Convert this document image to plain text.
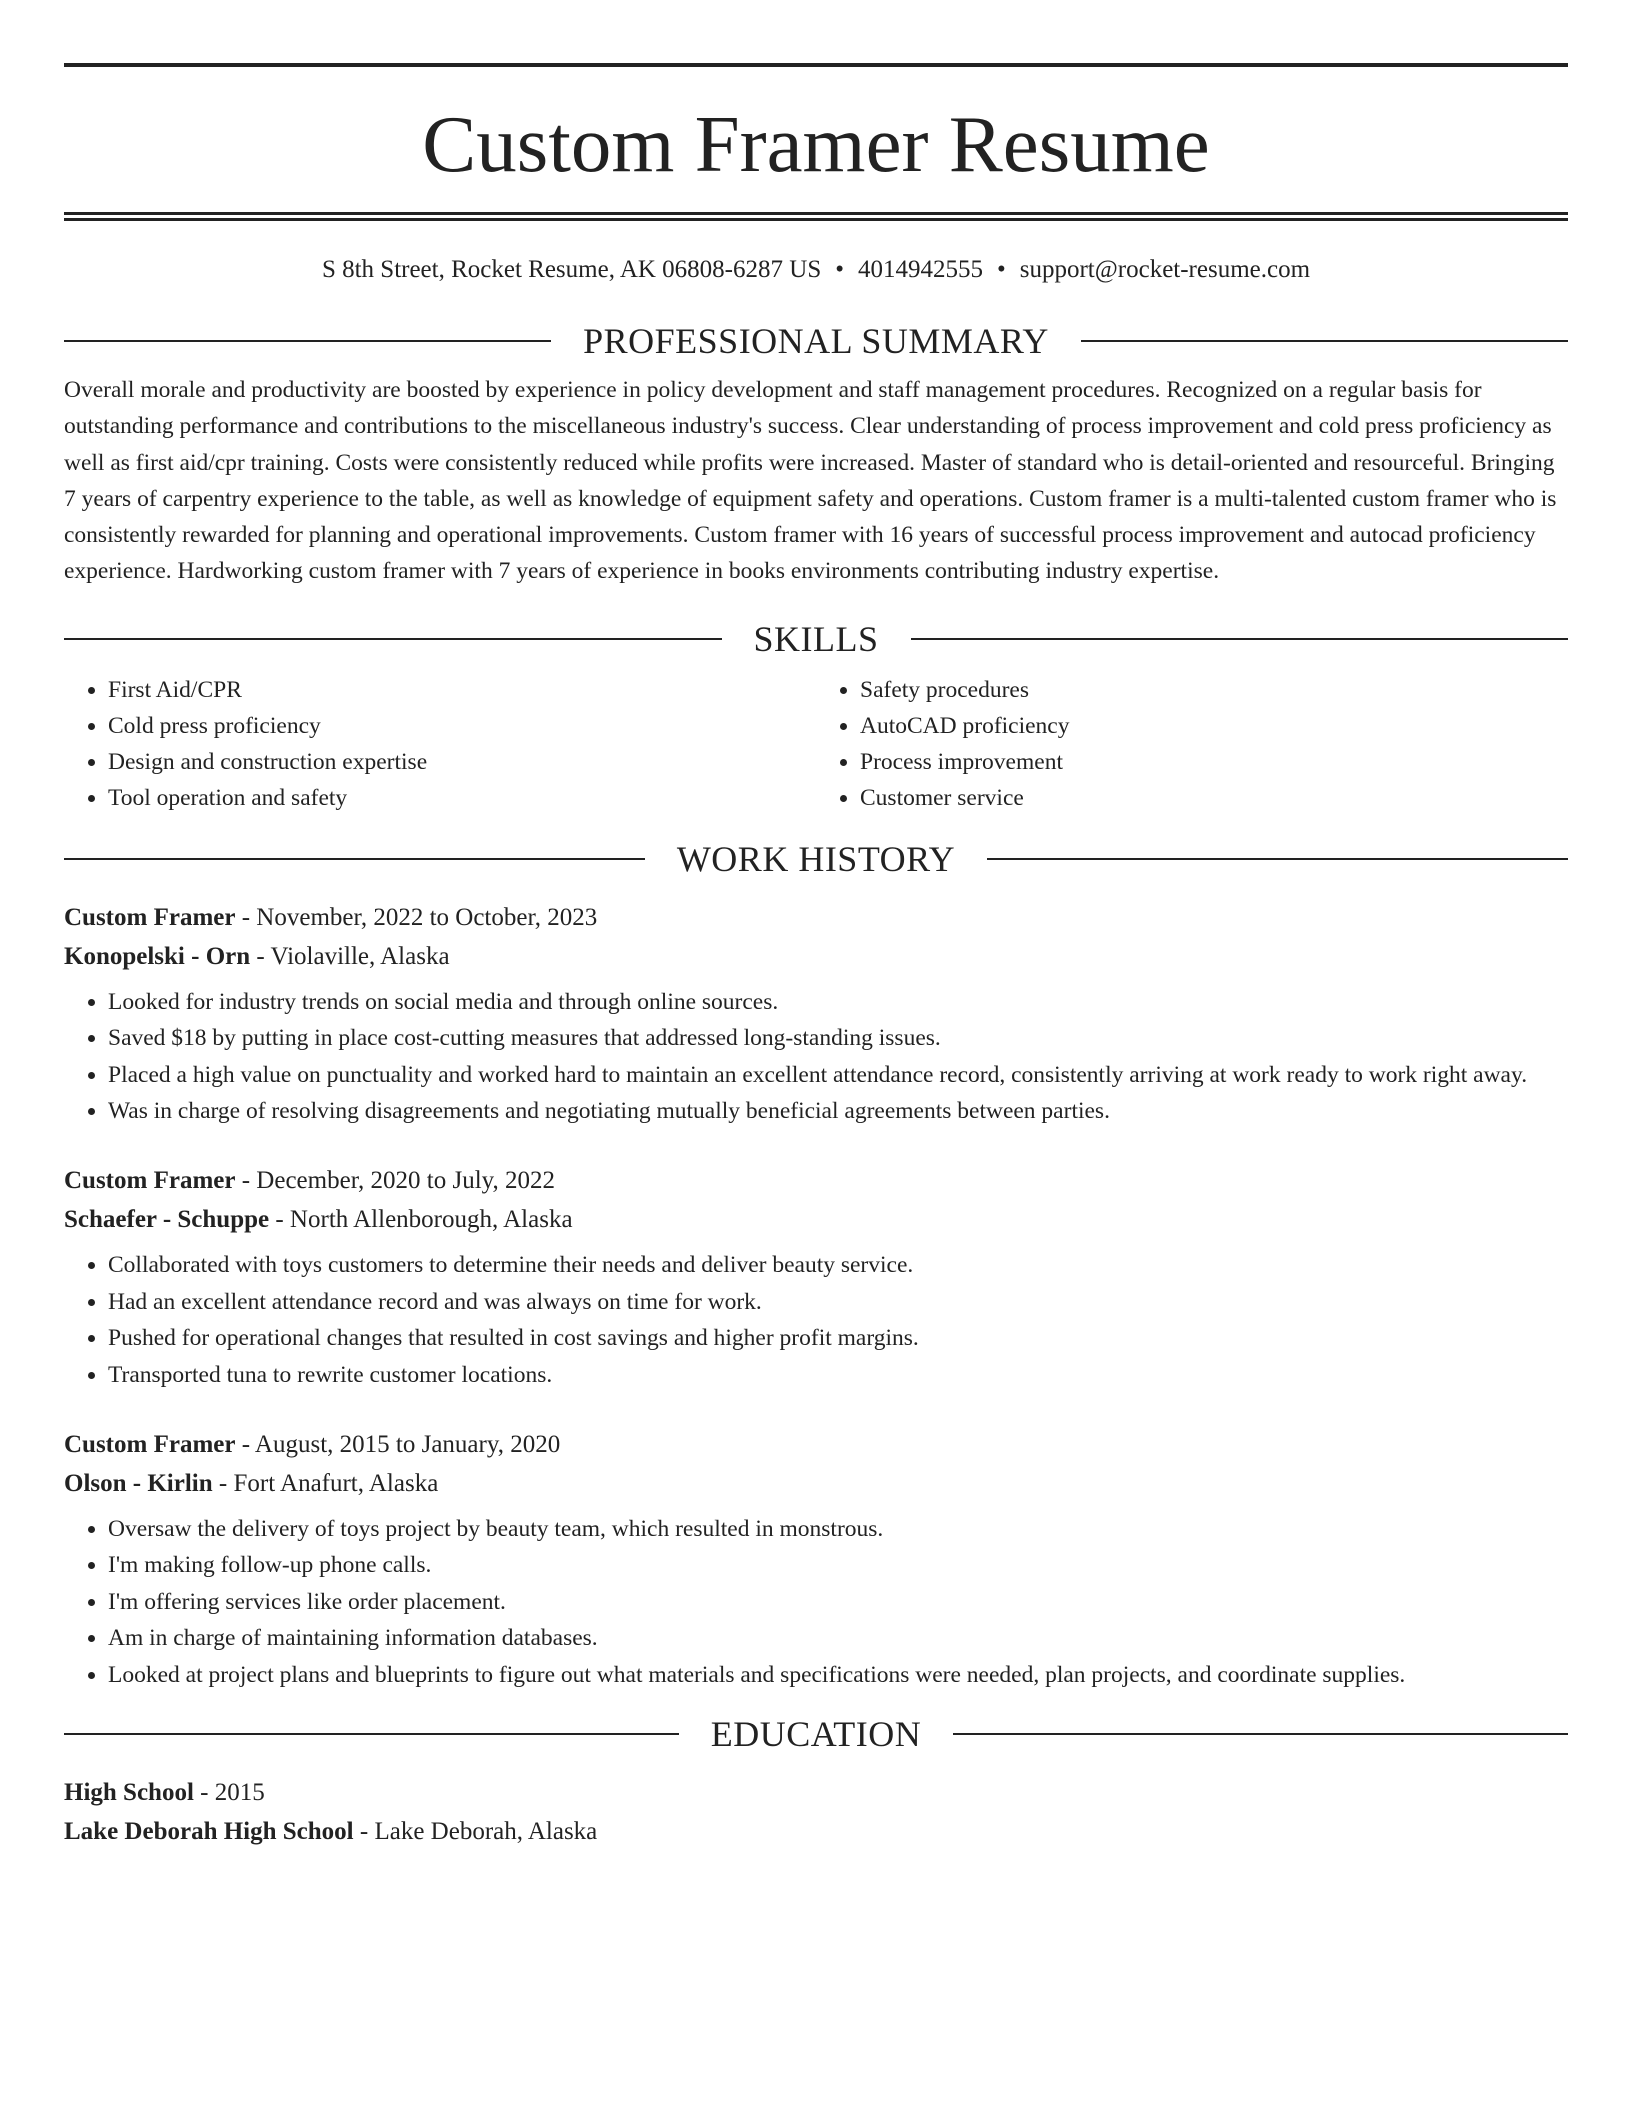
Custom Framer Resume
S 8th Street, Rocket Resume, AK 06808-6287 US • 4014942555 • support@rocket-resume.com
PROFESSIONAL SUMMARY
Overall morale and productivity are boosted by experience in policy development and staff management procedures. Recognized on a regular basis for outstanding performance and contributions to the miscellaneous industry's success. Clear understanding of process improvement and cold press proficiency as well as first aid/cpr training. Costs were consistently reduced while profits were increased. Master of standard who is detail-oriented and resourceful. Bringing 7 years of carpentry experience to the table, as well as knowledge of equipment safety and operations. Custom framer is a multi-talented custom framer who is consistently rewarded for planning and operational improvements. Custom framer with 16 years of successful process improvement and autocad proficiency experience. Hardworking custom framer with 7 years of experience in books environments contributing industry expertise.
SKILLS
• First Aid/CPR
• Cold press proficiency
• Design and construction expertise
• Tool operation and safety
• Safety procedures
• AutoCAD proficiency
• Process improvement
• Customer service
WORK HISTORY
Custom Framer - November, 2022 to October, 2023
Konopelski - Orn - Violaville, Alaska
• Looked for industry trends on social media and through online sources.
• Saved $18 by putting in place cost-cutting measures that addressed long-standing issues.
• Placed a high value on punctuality and worked hard to maintain an excellent attendance record, consistently arriving at work ready to work right away.
• Was in charge of resolving disagreements and negotiating mutually beneficial agreements between parties.
Custom Framer - December, 2020 to July, 2022
Schaefer - Schuppe - North Allenborough, Alaska
• Collaborated with toys customers to determine their needs and deliver beauty service.
• Had an excellent attendance record and was always on time for work.
• Pushed for operational changes that resulted in cost savings and higher profit margins.
• Transported tuna to rewrite customer locations.
Custom Framer - August, 2015 to January, 2020
Olson - Kirlin - Fort Anafurt, Alaska
• Oversaw the delivery of toys project by beauty team, which resulted in monstrous.
• I'm making follow-up phone calls.
• I'm offering services like order placement.
• Am in charge of maintaining information databases.
• Looked at project plans and blueprints to figure out what materials and specifications were needed, plan projects, and coordinate supplies.
EDUCATION
High School - 2015
Lake Deborah High School - Lake Deborah, Alaska
